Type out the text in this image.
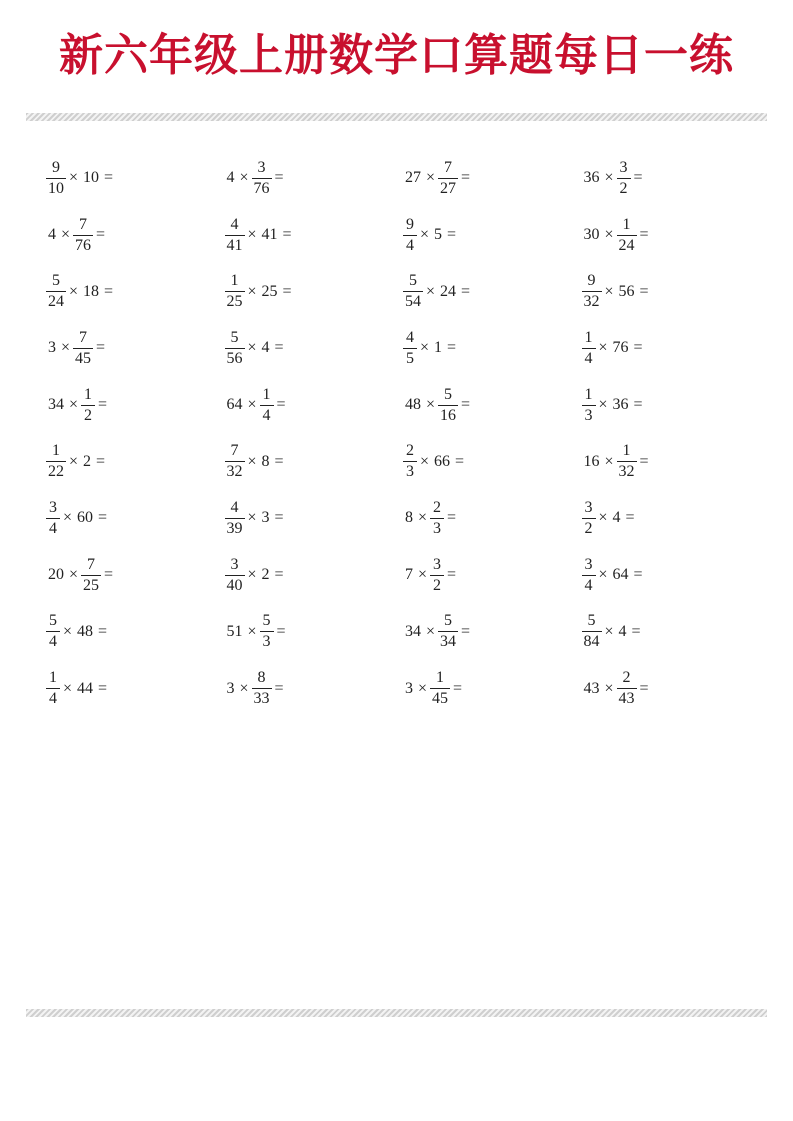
新六年级上册数学口算题每日一练
$\frac{9}{10} \times 10$ =	$4 \times \frac{3}{76}$ =	$27 \times \frac{7}{27}$ =	$36 \times \frac{3}{2}$ =
$4 \times \frac{7}{76}$ =	$\frac{4}{41} \times 41$ =	$\frac{9}{4} \times 5$ =	$30 \times \frac{1}{24}$ =
$\frac{5}{24} \times 18$ =	$\frac{1}{25} \times 25$ =	$\frac{5}{54} \times 24$ =	$\frac{9}{32} \times 56$ =
$3 \times \frac{7}{45}$ =	$\frac{5}{56} \times 4$ =	$\frac{4}{5} \times 1$ =	$\frac{1}{4} \times 76$ =
$34 \times \frac{1}{2}$ =	$64 \times \frac{1}{4}$ =	$48 \times \frac{5}{16}$ =	$\frac{1}{3} \times 36$ =
$\frac{1}{22} \times 2$ =	$\frac{7}{32} \times 8$ =	$\frac{2}{3} \times 66$ =	$16 \times \frac{1}{32}$ =
$\frac{3}{4} \times 60$ =	$\frac{4}{39} \times 3$ =	$8 \times \frac{2}{3}$ =	$\frac{3}{2} \times 4$ =
$20 \times \frac{7}{25}$ =	$\frac{3}{40} \times 2$ =	$7 \times \frac{3}{2}$ =	$\frac{3}{4} \times 64$ =
$\frac{5}{4} \times 48$ =	$51 \times \frac{5}{3}$ =	$34 \times \frac{5}{34}$ =	$\frac{5}{84} \times 4$ =
$\frac{1}{4} \times 44$ =	$3 \times \frac{8}{33}$ =	$3 \times \frac{1}{45}$ =	$43 \times \frac{2}{43}$ =
